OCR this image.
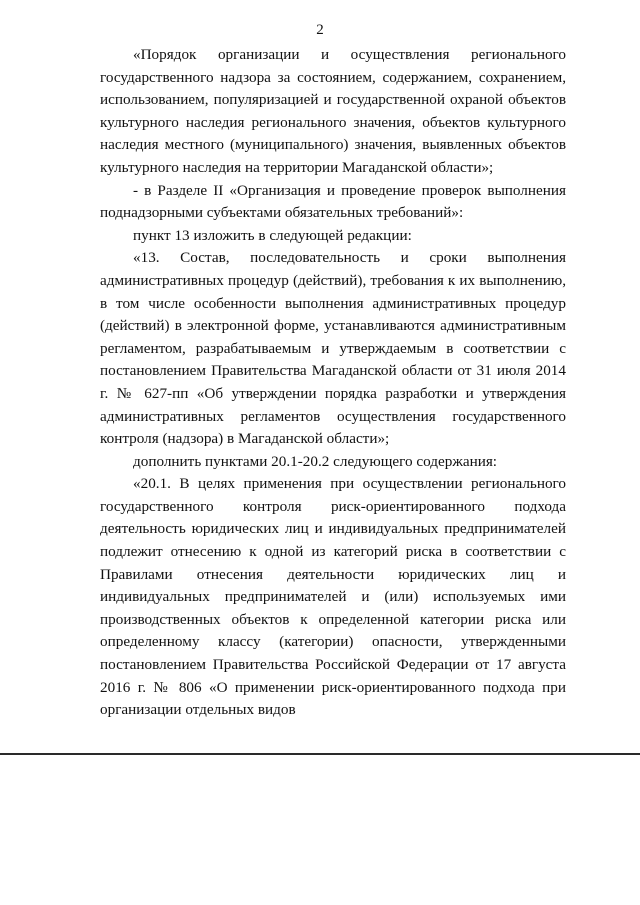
2

«Порядок организации и осуществления регионального государственного надзора за состоянием, содержанием, сохранением, использованием, популяризацией и государственной охраной объектов культурного наследия регионального значения, объектов культурного наследия местного (муниципального) значения, выявленных объектов культурного наследия на территории Магаданской области»;

- в Разделе II «Организация и проведение проверок выполнения поднадзорными субъектами обязательных требований»:

пункт 13 изложить в следующей редакции:

«13. Состав, последовательность и сроки выполнения административных процедур (действий), требования к их выполнению, в том числе особенности выполнения административных процедур (действий) в электронной форме, устанавливаются административным регламентом, разрабатываемым и утверждаемым в соответствии с постановлением Правительства Магаданской области от 31 июля 2014 г. № 627-пп «Об утверждении порядка разработки и утверждения административных регламентов осуществления государственного контроля (надзора) в Магаданской области»;

дополнить пунктами 20.1-20.2 следующего содержания:

«20.1. В целях применения при осуществлении регионального государственного контроля риск-ориентированного подхода деятельность юридических лиц и индивидуальных предпринимателей подлежит отнесению к одной из категорий риска в соответствии с Правилами отнесения деятельности юридических лиц и индивидуальных предпринимателей и (или) используемых ими производственных объектов к определенной категории риска или определенному классу (категории) опасности, утвержденными постановлением Правительства Российской Федерации от 17 августа 2016 г. № 806 «О применении риск-ориентированного подхода при организации отдельных видов
